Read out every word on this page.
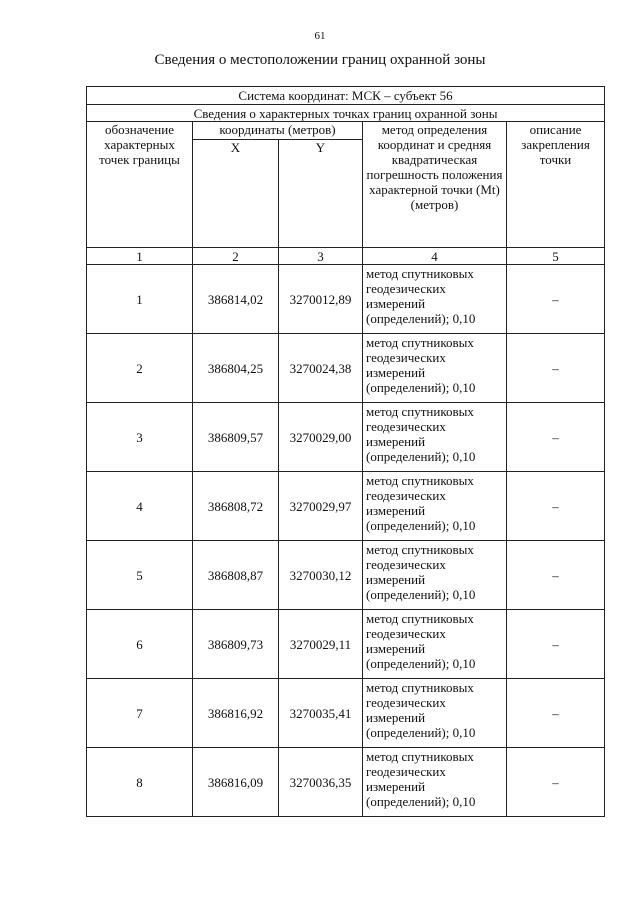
61
Сведения о местоположении границ охранной зоны
Система координат: МСК – субъект 56				
Сведения о характерных точках границ охранной зоны				
обозначение характерных точек границы	координаты (метров)		метод определения координат и средняя квадратическая погрешность положения характерной точки (Mt) (метров)	описание закрепления точки
	X	Y		
1	2	3	4	5
1	386814,02	3270012,89	метод спутниковых геодезических измерений (определений); 0,10	–
2	386804,25	3270024,38	метод спутниковых геодезических измерений (определений); 0,10	–
3	386809,57	3270029,00	метод спутниковых геодезических измерений (определений); 0,10	–
4	386808,72	3270029,97	метод спутниковых геодезических измерений (определений); 0,10	–
5	386808,87	3270030,12	метод спутниковых геодезических измерений (определений); 0,10	–
6	386809,73	3270029,11	метод спутниковых геодезических измерений (определений); 0,10	–
7	386816,92	3270035,41	метод спутниковых геодезических измерений (определений); 0,10	–
8	386816,09	3270036,35	метод спутниковых геодезических измерений (определений); 0,10	–
